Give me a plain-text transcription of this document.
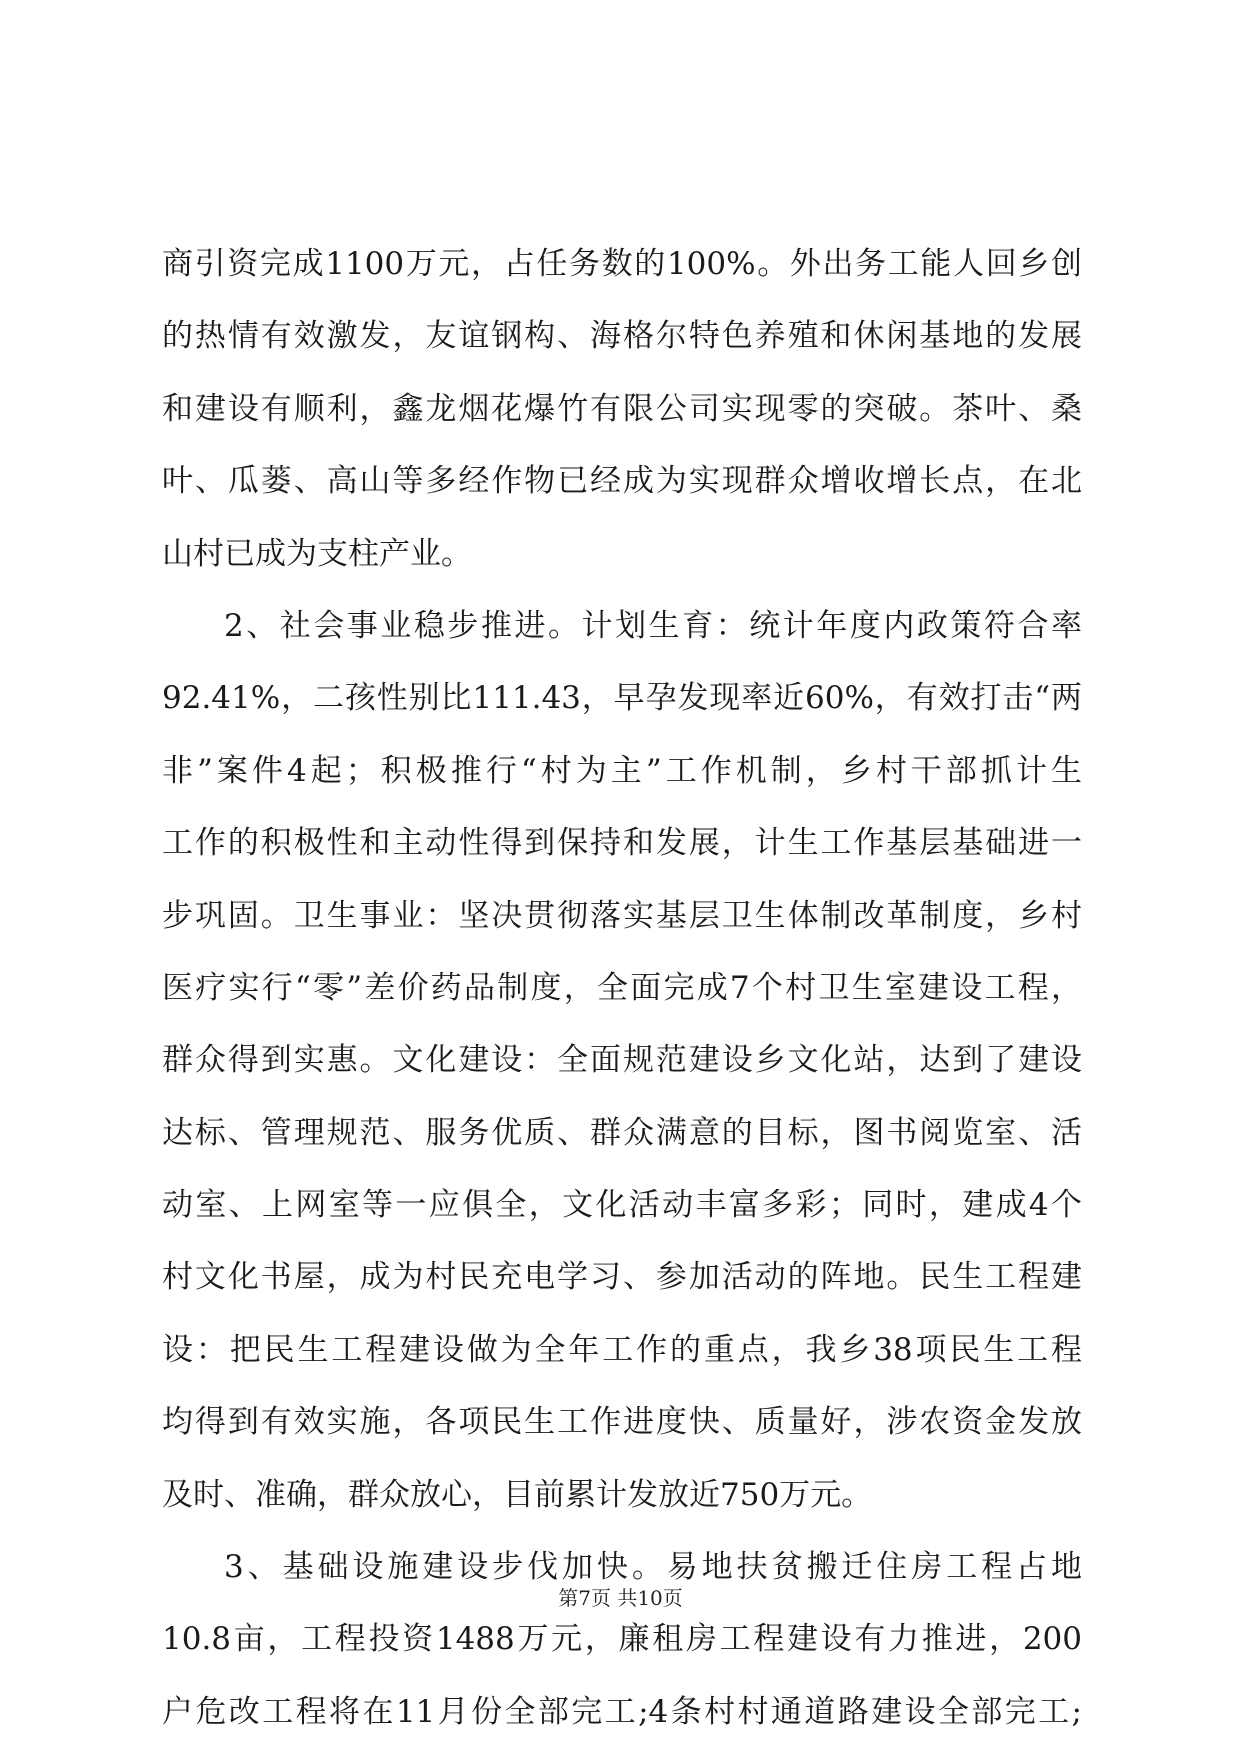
商引资完成1100万元，占任务数的100%。外出务工能人回乡创
的热情有效激发，友谊钢构、海格尔特色养殖和休闲基地的发展
和建设有顺利，鑫龙烟花爆竹有限公司实现零的突破。茶叶、桑
叶、瓜蒌、高山等多经作物已经成为实现群众增收增长点，在北
山村已成为支柱产业。
2、社会事业稳步推进。计划生育：统计年度内政策符合率
92.41%，二孩性别比111.43，早孕发现率近60%，有效打击“两
非”案件4起；积极推行“村为主”工作机制，乡村干部抓计生
工作的积极性和主动性得到保持和发展，计生工作基层基础进一
步巩固。卫生事业：坚决贯彻落实基层卫生体制改革制度，乡村
医疗实行“零”差价药品制度，全面完成7个村卫生室建设工程，
群众得到实惠。文化建设：全面规范建设乡文化站，达到了建设
达标、管理规范、服务优质、群众满意的目标，图书阅览室、活
动室、上网室等一应俱全，文化活动丰富多彩；同时，建成4个
村文化书屋，成为村民充电学习、参加活动的阵地。民生工程建
设：把民生工程建设做为全年工作的重点，我乡38项民生工程
均得到有效实施，各项民生工作进度快、质量好，涉农资金发放
及时、准确，群众放心，目前累计发放近750万元。
3、基础设施建设步伐加快。易地扶贫搬迁住房工程占地
10.8亩，工程投资1488万元，廉租房工程建设有力推进，200
户危改工程将在11月份全部完工;4条村村通道路建设全部完工;
第7页 共10页
